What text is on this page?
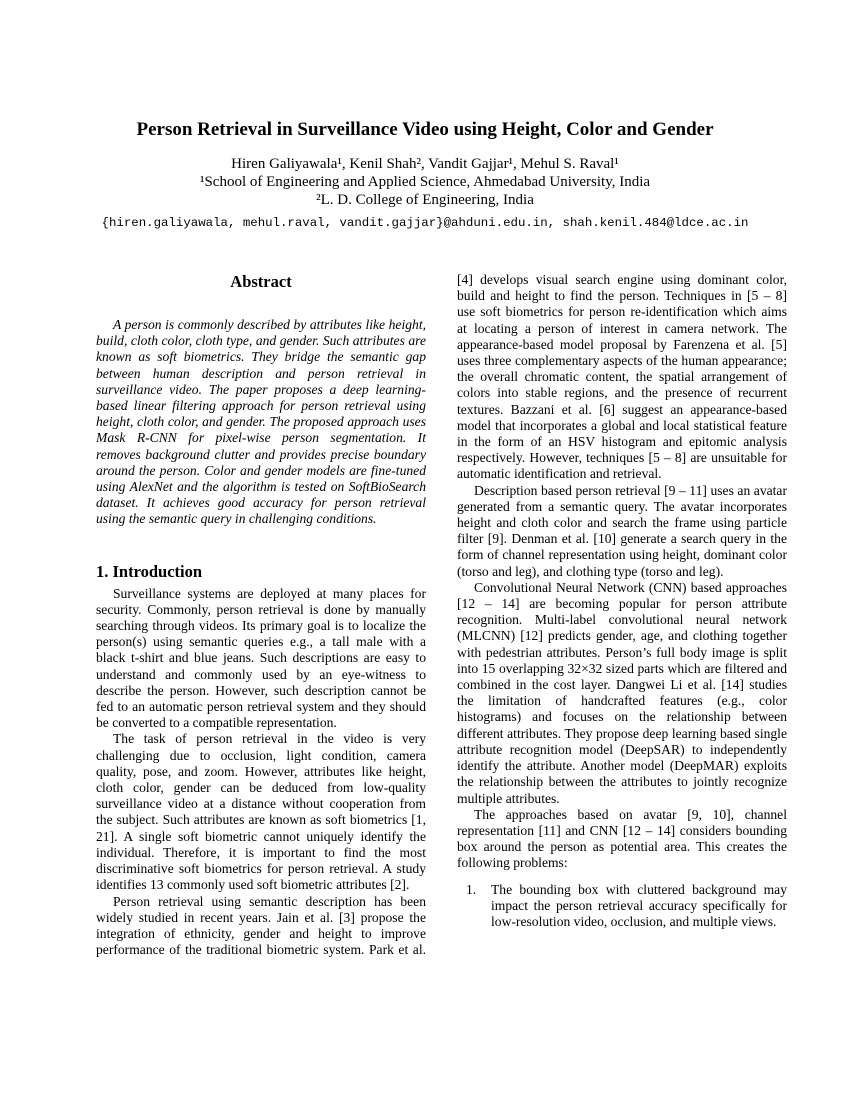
Person Retrieval in Surveillance Video using Height, Color and Gender
Hiren Galiyawala¹, Kenil Shah², Vandit Gajjar¹, Mehul S. Raval¹
¹School of Engineering and Applied Science, Ahmedabad University, India
²L. D. College of Engineering, India
{hiren.galiyawala, mehul.raval, vandit.gajjar}@ahduni.edu.in, shah.kenil.484@ldce.ac.in
Abstract

A person is commonly described by attributes like height, build, cloth color, cloth type, and gender. Such attributes are known as soft biometrics. They bridge the semantic gap between human description and person retrieval in surveillance video. The paper proposes a deep learning-based linear filtering approach for person retrieval using height, cloth color, and gender. The proposed approach uses Mask R-CNN for pixel-wise person segmentation. It removes background clutter and provides precise boundary around the person. Color and gender models are fine-tuned using AlexNet and the algorithm is tested on SoftBioSearch dataset. It achieves good accuracy for person retrieval using the semantic query in challenging conditions.

1. Introduction

Surveillance systems are deployed at many places for security. Commonly, person retrieval is done by manually searching through videos. Its primary goal is to localize the person(s) using semantic queries e.g., a tall male with a black t-shirt and blue jeans. Such descriptions are easy to understand and commonly used by an eye-witness to describe the person. However, such description cannot be fed to an automatic person retrieval system and they should be converted to a compatible representation.

The task of person retrieval in the video is very challenging due to occlusion, light condition, camera quality, pose, and zoom. However, attributes like height, cloth color, gender can be deduced from low-quality surveillance video at a distance without cooperation from the subject. Such attributes are known as soft biometrics [1, 21]. A single soft biometric cannot uniquely identify the individual. Therefore, it is important to find the most discriminative soft biometrics for person retrieval. A study identifies 13 commonly used soft biometric attributes [2].

Person retrieval using semantic description has been widely studied in recent years. Jain et al. [3] propose the integration of ethnicity, gender and height to improve performance of the traditional biometric system. Park et al.

[4] develops visual search engine using dominant color, build and height to find the person. Techniques in [5 – 8] use soft biometrics for person re-identification which aims at locating a person of interest in camera network. The appearance-based model proposal by Farenzena et al. [5] uses three complementary aspects of the human appearance; the overall chromatic content, the spatial arrangement of colors into stable regions, and the presence of recurrent textures. Bazzani et al. [6] suggest an appearance-based model that incorporates a global and local statistical feature in the form of an HSV histogram and epitomic analysis respectively. However, techniques [5 – 8] are unsuitable for automatic identification and retrieval.

Description based person retrieval [9 – 11] uses an avatar generated from a semantic query. The avatar incorporates height and cloth color and search the frame using particle filter [9]. Denman et al. [10] generate a search query in the form of channel representation using height, dominant color (torso and leg), and clothing type (torso and leg).

Convolutional Neural Network (CNN) based approaches [12 – 14] are becoming popular for person attribute recognition. Multi-label convolutional neural network (MLCNN) [12] predicts gender, age, and clothing together with pedestrian attributes. Person’s full body image is split into 15 overlapping 32×32 sized parts which are filtered and combined in the cost layer. Dangwei Li et al. [14] studies the limitation of handcrafted features (e.g., color histograms) and focuses on the relationship between different attributes. They propose deep learning based single attribute recognition model (DeepSAR) to independently identify the attribute. Another model (DeepMAR) exploits the relationship between the attributes to jointly recognize multiple attributes.

The approaches based on avatar [9, 10], channel representation [11] and CNN [12 – 14] considers bounding box around the person as potential area. This creates the following problems:

1. The bounding box with cluttered background may impact the person retrieval accuracy specifically for low-resolution video, occlusion, and multiple views.
